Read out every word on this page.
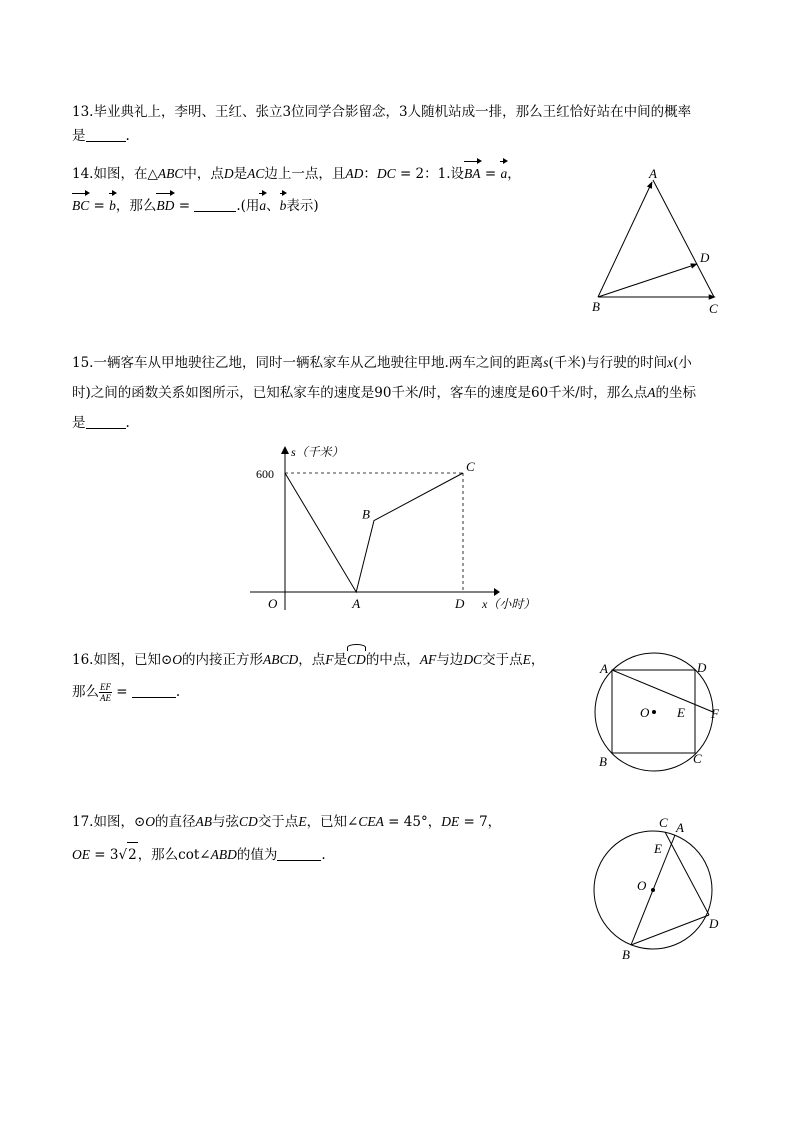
13.毕业典礼上，李明、王红、张立3位同学合影留念，3人随机站成一排，那么王红恰好站在中间的概率
是	.
14.如图，在△ABC中，点D是AC边上一点，且AD：DC = 2：1.设BA = a，
BC = b，那么BD =	.(用a、b表示)
A
B	C
D
15.一辆客车从甲地驶往乙地，同时一辆私家车从乙地驶往甲地.两车之间的距离s(千米)与行驶的时间x(小
时)之间的函数关系如图所示，已知私家车的速度是90千米/时，客车的速度是60千米/时，那么点A的坐标
是	.
s（千米）
600
O	A
B
C
D x（小时）
16.如图，已知⊙O的内接正方形ABCD，点F是CD的中点，AF与边DC交于点E，
那么 $\frac{EF}{AE}$ =	.
A	D
B	C
O E F
17.如图，⊙O的直径AB与弦CD交于点E，已知∠CEA = 45°，DE = 7，
OE = 3√2，那么cot∠ABD的值为	.
C A
E
O
D
B
